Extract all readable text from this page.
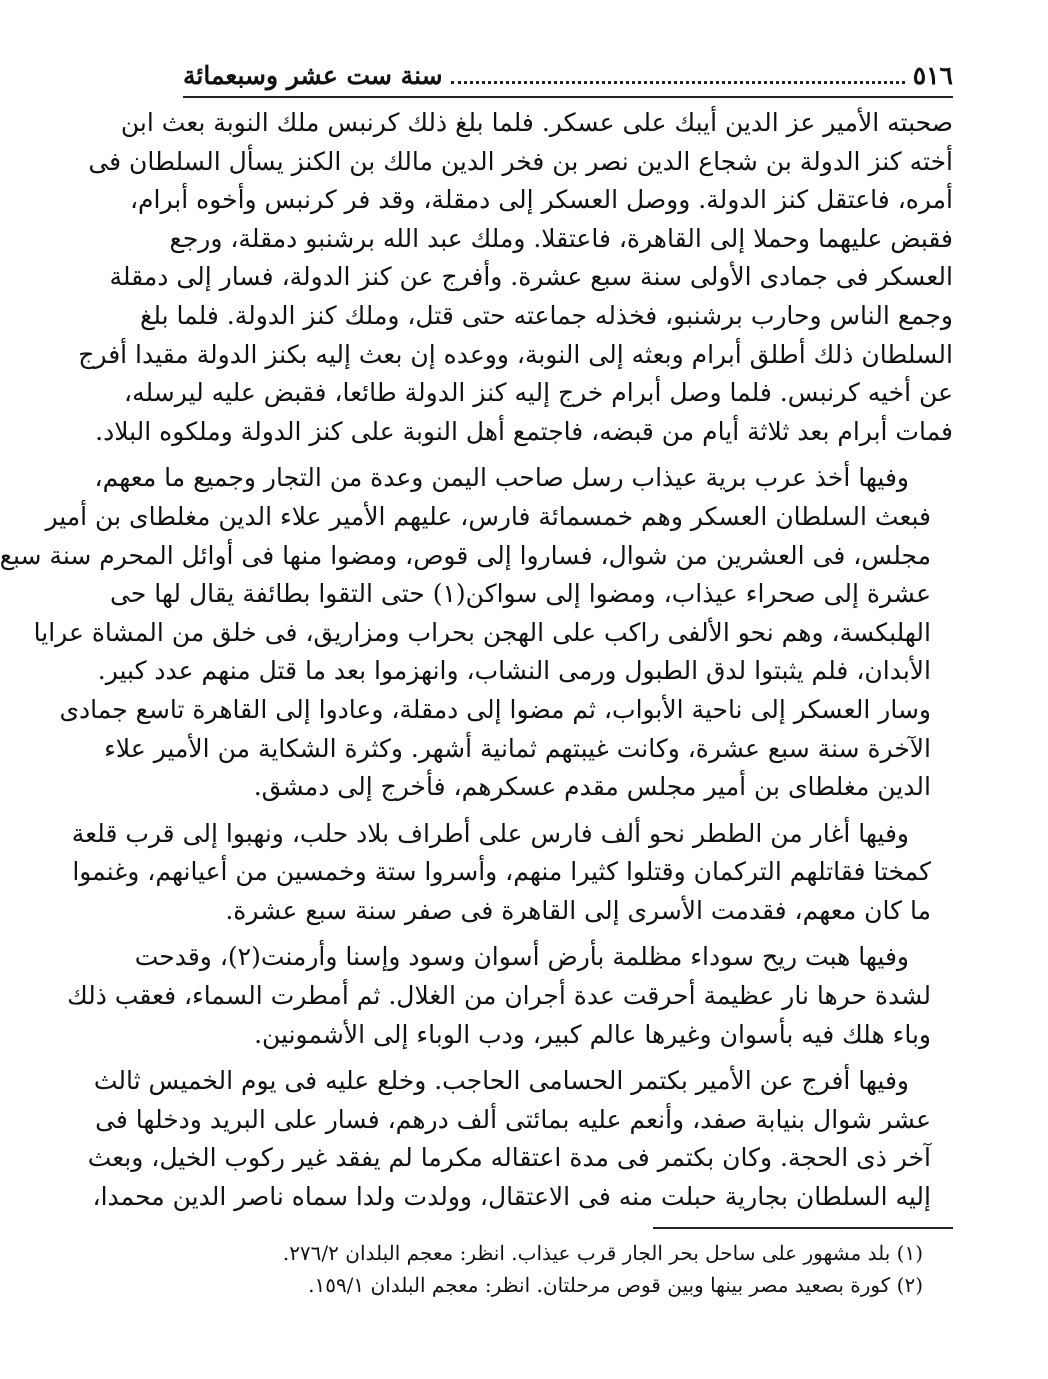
٥١٦
سنة ست عشر وسبعمائة
صحبته الأمير عز الدين أيبك على عسكر. فلما بلغ ذلك كرنبس ملك النوبة بعث ابن
أخته كنز الدولة بن شجاع الدين نصر بن فخر الدين مالك بن الكنز يسأل السلطان فى
أمره، فاعتقل كنز الدولة. ووصل العسكر إلى دمقلة، وقد فر كرنبس وأخوه أبرام،
فقبض عليهما وحملا إلى القاهرة، فاعتقلا. وملك عبد الله برشنبو دمقلة، ورجع
العسكر فى جمادى الأولى سنة سبع عشرة. وأفرج عن كنز الدولة، فسار إلى دمقلة
وجمع الناس وحارب برشنبو، فخذله جماعته حتى قتل، وملك كنز الدولة. فلما بلغ
السلطان ذلك أطلق أبرام وبعثه إلى النوبة، ووعده إن بعث إليه بكنز الدولة مقيدا أفرج
عن أخيه كرنبس. فلما وصل أبرام خرج إليه كنز الدولة طائعا، فقبض عليه ليرسله،
فمات أبرام بعد ثلاثة أيام من قبضه، فاجتمع أهل النوبة على كنز الدولة وملكوه البلاد.
وفيها أخذ عرب برية عيذاب رسل صاحب اليمن وعدة من التجار وجميع ما معهم،
فبعث السلطان العسكر وهم خمسمائة فارس، عليهم الأمير علاء الدين مغلطاى بن أمير
مجلس، فى العشرين من شوال، فساروا إلى قوص، ومضوا منها فى أوائل المحرم سنة سبع
عشرة إلى صحراء عيذاب، ومضوا إلى سواكن(١) حتى التقوا بطائفة يقال لها حى
الهلبكسة، وهم نحو الألفى راكب على الهجن بحراب ومزاريق، فى خلق من المشاة عرايا
الأبدان، فلم يثبتوا لدق الطبول ورمى النشاب، وانهزموا بعد ما قتل منهم عدد كبير.
وسار العسكر إلى ناحية الأبواب، ثم مضوا إلى دمقلة، وعادوا إلى القاهرة تاسع جمادى
الآخرة سنة سبع عشرة، وكانت غيبتهم ثمانية أشهر. وكثرة الشكاية من الأمير علاء
الدين مغلطاى بن أمير مجلس مقدم عسكرهم، فأخرج إلى دمشق.
وفيها أغار من الططر نحو ألف فارس على أطراف بلاد حلب، ونهبوا إلى قرب قلعة
كمختا فقاتلهم التركمان وقتلوا كثيرا منهم، وأسروا ستة وخمسين من أعيانهم، وغنموا
ما كان معهم، فقدمت الأسرى إلى القاهرة فى صفر سنة سبع عشرة.
وفيها هبت ريح سوداء مظلمة بأرض أسوان وسود وإسنا وأرمنت(٢)، وقدحت
لشدة حرها نار عظيمة أحرقت عدة أجران من الغلال. ثم أمطرت السماء، فعقب ذلك
وباء هلك فيه بأسوان وغيرها عالم كبير، ودب الوباء إلى الأشمونين.
وفيها أفرج عن الأمير بكتمر الحسامى الحاجب. وخلع عليه فى يوم الخميس ثالث
عشر شوال بنيابة صفد، وأنعم عليه بمائتى ألف درهم، فسار على البريد ودخلها فى
آخر ذى الحجة. وكان بكتمر فى مدة اعتقاله مكرما لم يفقد غير ركوب الخيل، وبعث
إليه السلطان بجارية حبلت منه فى الاعتقال، وولدت ولدا سماه ناصر الدين محمدا،
(١) بلد مشهور على ساحل بحر الجار قرب عيذاب. انظر: معجم البلدان ٢٧٦/٢.
(٢) كورة بصعيد مصر بينها وبين قوص مرحلتان. انظر: معجم البلدان ١٥٩/١.
